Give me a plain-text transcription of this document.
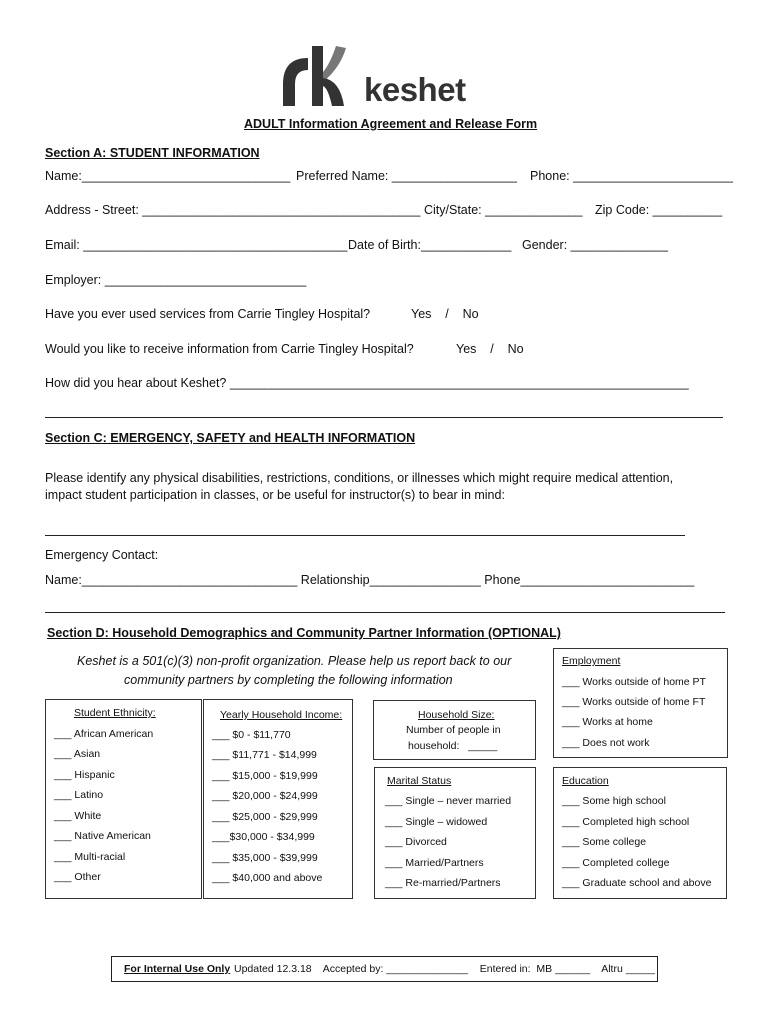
keshet
ADULT Information Agreement and Release Form
Section A: STUDENT INFORMATION
Name:______________________________ Preferred Name: __________________ Phone: _______________________
Address - Street: ________________________________________ City/State: ______________ Zip Code: __________
Email: ______________________________________ Date of Birth:_____________ Gender: ______________
Employer: _____________________________
Have you ever used services from Carrie Tingley Hospital?	Yes    /    No
Would you like to receive information from Carrie Tingley Hospital?	Yes    /    No
How did you hear about Keshet? __________________________________________________________________
Section C: EMERGENCY, SAFETY and HEALTH INFORMATION
Please identify any physical disabilities, restrictions, conditions, or illnesses which might require medical attention,
impact student participation in classes, or be useful for instructor(s) to bear in mind:
Emergency Contact:
Name:_______________________________ Relationship________________ Phone_________________________
Section D: Household Demographics and Community Partner Information (OPTIONAL)
Keshet is a 501(c)(3) non-profit organization. Please help us report back to our
community partners by completing the following information
Employment
___ Works outside of home PT
___ Works outside of home FT
___ Works at home
___ Does not work
Student Ethnicity:
___ African American
___ Asian
___ Hispanic
___ Latino
___ White
___ Native American
___ Multi-racial
___ Other
Yearly Household Income:
___ $0 - $11,770
___ $11,771 - $14,999
___ $15,000 - $19,999
___ $20,000 - $24,999
___ $25,000 - $29,999
___$30,000 - $34,999
___ $35,000 - $39,999
___ $40,000 and above
Household Size:
Number of people in
household:   _____
Marital Status
___ Single – never married
___ Single – widowed
___ Divorced
___ Married/Partners
___ Re-married/Partners
Education
___ Some high school
___ Completed high school
___ Some college
___ Completed college
___ Graduate school and above
For Internal Use Only Updated 12.3.18    Accepted by: ______________    Entered in:  MB ______    Altru _____
